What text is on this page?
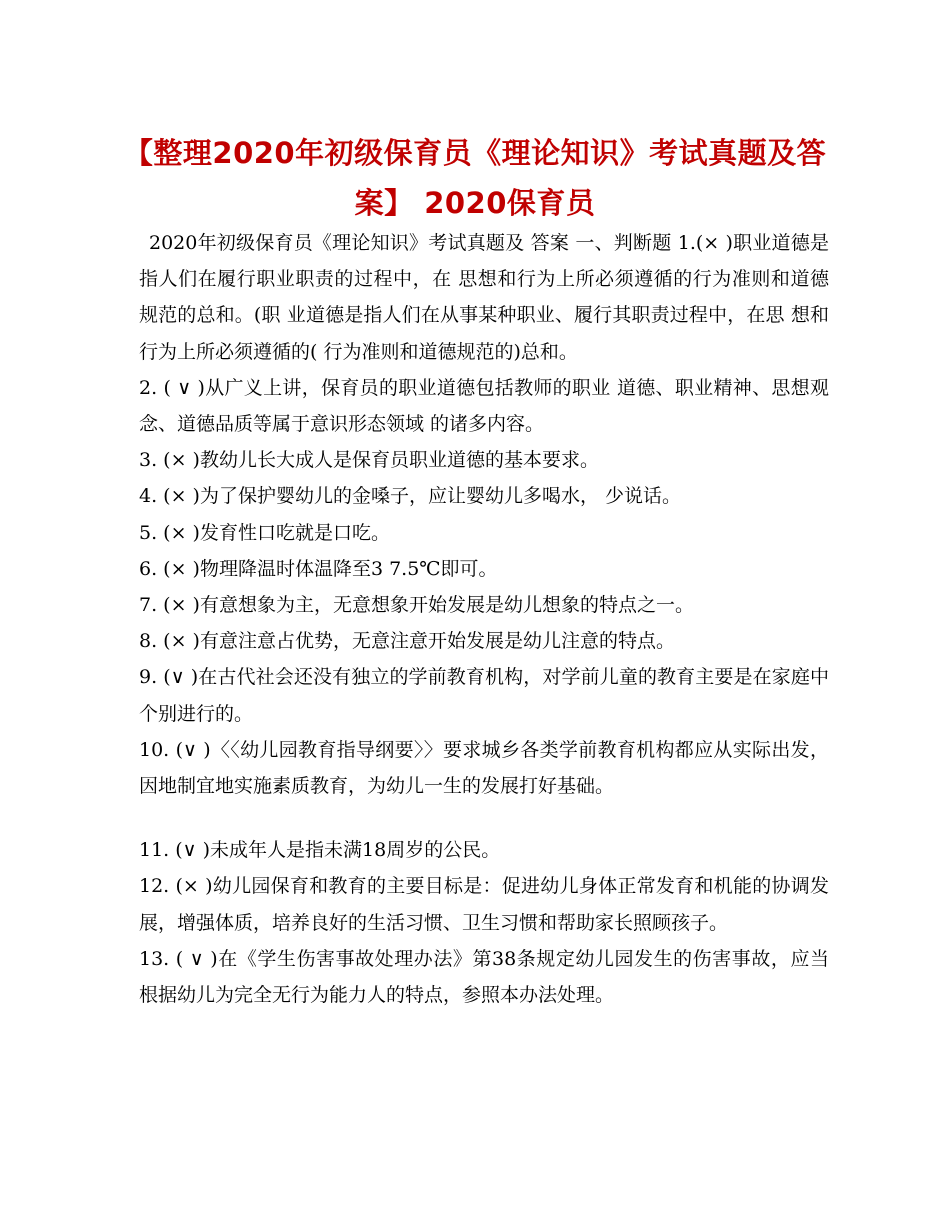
【整理2020年初级保育员《理论知识》考试真题及答案】 2020保育员

2020年初级保育员《理论知识》考试真题及 答案 一、判断题 1.(× )职业道德是指人们在履行职业职责的过程中，在 思想和行为上所必须遵循的行为准则和道德规范的总和。(职 业道德是指人们在从事某种职业、履行其职责过程中，在思 想和行为上所必须遵循的( 行为准则和道德规范的)总和。

2. ( ∨ )从广义上讲，保育员的职业道德包括教师的职业 道德、职业精神、思想观念、道德品质等属于意识形态领域 的诸多内容。

3. (× )教幼儿长大成人是保育员职业道德的基本要求。

4. (× )为了保护婴幼儿的金嗓子，应让婴幼儿多喝水， 少说话。

5. (× )发育性口吃就是口吃。

6. (× )物理降温时体温降至3 7.5℃即可。

7. (× )有意想象为主，无意想象开始发展是幼儿想象的特点之一。

8. (× )有意注意占优势，无意注意开始发展是幼儿注意的特点。

9. (∨ )在古代社会还没有独立的学前教育机构，对学前儿童的教育主要是在家庭中个别进行的。

10. (∨ )〈〈幼儿园教育指导纲要〉〉要求城乡各类学前教育机构都应从实际出发，因地制宜地实施素质教育，为幼儿一生的发展打好基础。

11. (∨ )未成年人是指未满18周岁的公民。

12. (× )幼儿园保育和教育的主要目标是：促进幼儿身体正常发育和机能的协调发展，增强体质，培养良好的生活习惯、卫生习惯和帮助家长照顾孩子。

13. ( ∨ )在《学生伤害事故处理办法》第38条规定幼儿园发生的伤害事故，应当根据幼儿为完全无行为能力人的特点，参照本办法处理。
